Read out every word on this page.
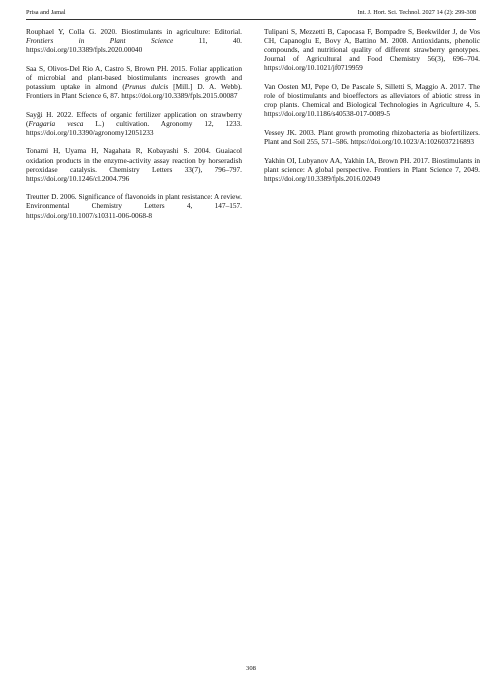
Prisa and Jamal	Int. J. Hort. Sci. Technol. 2027 14 (2): 299-308

Rouphael Y, Colla G. 2020. Biostimulants in agriculture: Editorial. Frontiers in Plant Science 11, 40. https://doi.org/10.3389/fpls.2020.00040

Saa S, Olivos-Del Rio A, Castro S, Brown PH. 2015. Foliar application of microbial and plant-based biostimulants increases growth and potassium uptake in almond (Prunus dulcis [Mill.] D. A. Webb). Frontiers in Plant Science 6, 87. https://doi.org/10.3389/fpls.2015.00087

Sayği H. 2022. Effects of organic fertilizer application on strawberry (Fragaria vesca L.) cultivation. Agronomy 12, 1233. https://doi.org/10.3390/agronomy12051233

Tonami H, Uyama H, Nagahata R, Kobayashi S. 2004. Guaiacol oxidation products in the enzyme-activity assay reaction by horseradish peroxidase catalysis. Chemistry Letters 33(7), 796–797. https://doi.org/10.1246/cl.2004.796

Treutter D. 2006. Significance of flavonoids in plant resistance: A review. Environmental Chemistry Letters 4, 147–157. https://doi.org/10.1007/s10311-006-0068-8

Tulipani S, Mezzetti B, Capocasa F, Bompadre S, Beekwilder J, de Vos CH, Capanoglu E, Bovy A, Battino M. 2008. Antioxidants, phenolic compounds, and nutritional quality of different strawberry genotypes. Journal of Agricultural and Food Chemistry 56(3), 696–704. https://doi.org/10.1021/jf0719959

Van Oosten MJ, Pepe O, De Pascale S, Silletti S, Maggio A. 2017. The role of biostimulants and bioeffectors as alleviators of abiotic stress in crop plants. Chemical and Biological Technologies in Agriculture 4, 5. https://doi.org/10.1186/s40538-017-0089-5

Vessey JK. 2003. Plant growth promoting rhizobacteria as biofertilizers. Plant and Soil 255, 571–586. https://doi.org/10.1023/A:1026037216893

Yakhin OI, Lubyanov AA, Yakhin IA, Brown PH. 2017. Biostimulants in plant science: A global perspective. Frontiers in Plant Science 7, 2049. https://doi.org/10.3389/fpls.2016.02049

308
